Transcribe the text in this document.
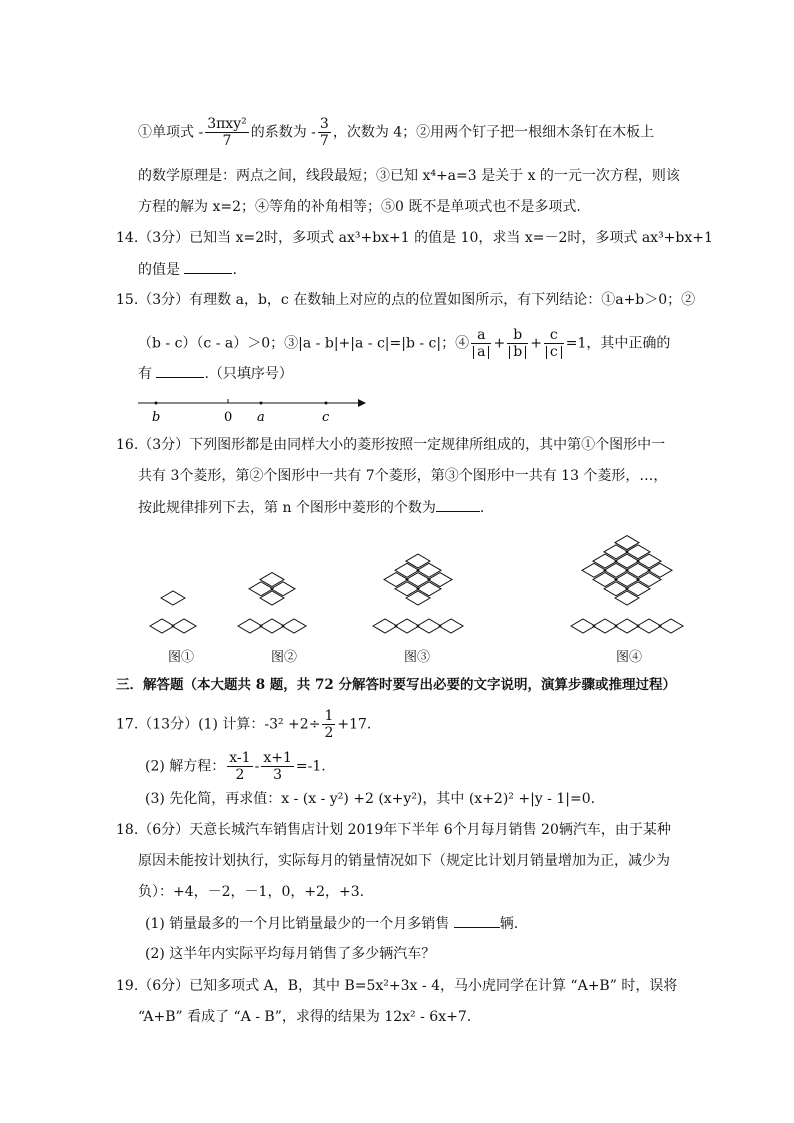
①单项式 - $\frac{\text{3πxy²}}{7}$ 的系数为 - $\frac{3}{7}$ ，次数为 4；②用两个钉子把一根细木条钉在木板上
的数学原理是：两点之间，线段最短；③已知 x⁴+a=3 是关于 x 的一元一次方程，则该
方程的解为 x=2；④等角的补角相等；⑤0 既不是单项式也不是多项式.
14.（3分）已知当 x=2时，多项式 ax³+bx+1 的值是 10，求当 x=－2时，多项式 ax³+bx+1
的值是	.
15.（3分）有理数 a，b，c 在数轴上对应的点的位置如图所示，有下列结论：①a+b＞0；②
（b - c）（c - a）＞0；③|a - b|+|a - c|=|b - c|；④ $\frac{a}{a} + \frac{b}{b} + \frac{c}{c} =1$，其中正确的
有	.（只填序号）
b	0 a	c
16.（3分）下列图形都是由同样大小的菱形按照一定规律所组成的，其中第①个图形中一
共有 3个菱形，第②个图形中一共有 7个菱形，第③个图形中一共有 13 个菱形，…，
按此规律排列下去，第 n 个图形中菱形的个数为	.
图①	图②	图③	图④
三．解答题（本大题共 8 题，共 72 分解答时要写出必要的文字说明，演算步骤或推理过程）
17.（13分）(1) 计算：$-3^2 +2\div \frac{1}{2} +17$.
(2) 解方程： $\frac{x-1}{2} - \frac{x+1}{3} =-1$.
(3) 先化简，再求值：x - (x - y²) +2 (x+y²)，其中 (x+2)² +|y - 1|=0.
18.（6分）天意长城汽车销售店计划 2019年下半年 6个月每月销售 20辆汽车，由于某种
原因未能按计划执行，实际每月的销量情况如下（规定比计划月销量增加为正，减少为
负）：+4，－2，－1，0，+2，+3.
(1) 销量最多的一个月比销量最少的一个月多销售	辆.
(2) 这半年内实际平均每月销售了多少辆汽车？
19.（6分）已知多项式 A，B，其中 B=5x²+3x - 4，马小虎同学在计算 “A+B” 时，误将
“A+B” 看成了 “A - B”，求得的结果为 12x² - 6x+7.
